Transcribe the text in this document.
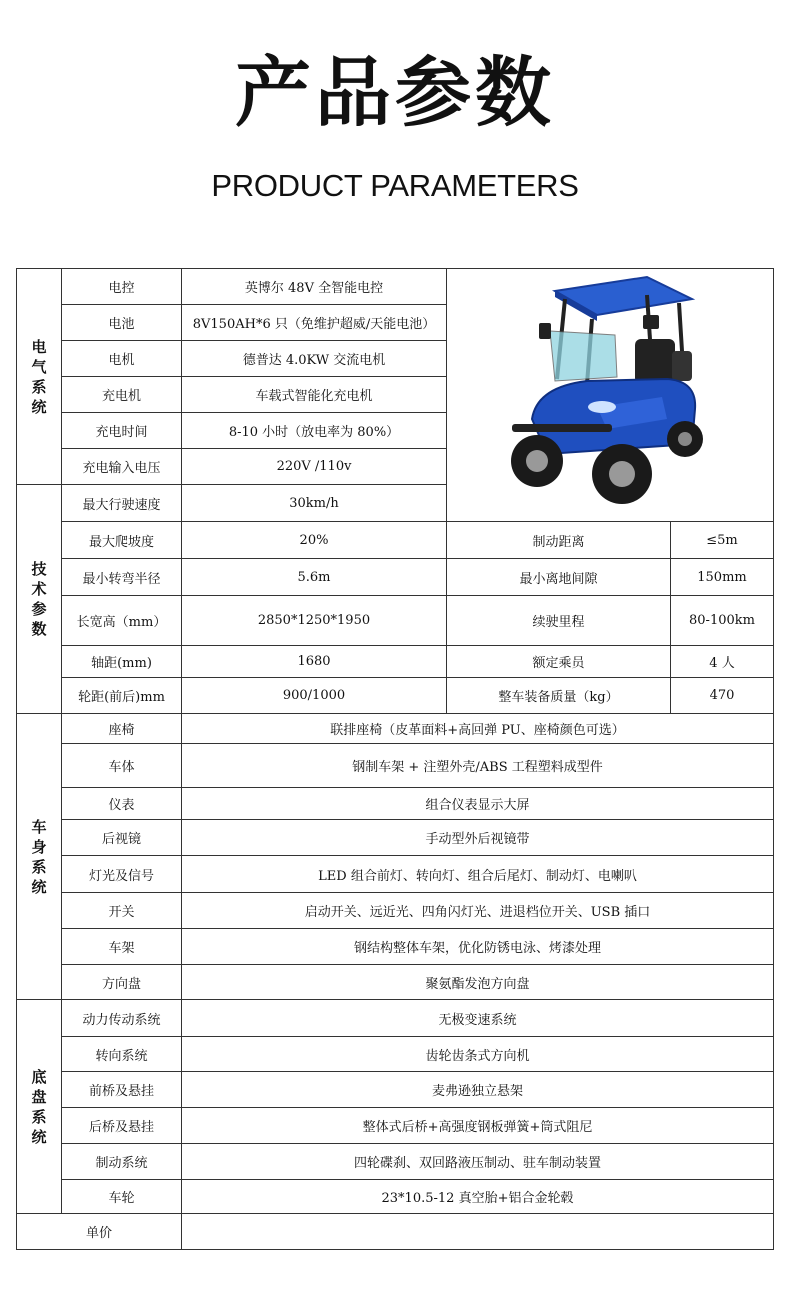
产品参数
PRODUCT PARAMETERS
电
气
系
统	电控	英博尔 48V 全智能电控	

	电池	8V150AH*6 只（免维护超威/天能电池）		
	电机	德普达 4.0KW 交流电机		
	充电机	车载式智能化充电机		
	充电时间	8-10 小时（放电率为 80%）		
	充电输入电压	220V /110v		

技
术
参
数	最大行驶速度	30km/h		
	最大爬坡度	20%	制动距离	≤5m
	最小转弯半径	5.6m	最小离地间隙	150mm
	长宽高（mm）	2850*1250*1950	续驶里程	80-100km
	轴距(mm)	1680	额定乘员	4 人
	轮距(前后)mm	900/1000	整车装备质量（kg）	470

车
身
系
统	座椅	联排座椅（皮革面料+高回弹 PU、座椅颜色可选）		
	车体	钢制车架 + 注塑外壳/ABS 工程塑料成型件		
	仪表	组合仪表显示大屏		
	后视镜	手动型外后视镜带		
	灯光及信号	LED 组合前灯、转向灯、组合后尾灯、制动灯、电喇叭		
	开关	启动开关、远近光、四角闪灯光、进退档位开关、USB 插口		
	车架	钢结构整体车架，优化防锈电泳、烤漆处理		
	方向盘	聚氨酯发泡方向盘		

底
盘
系
统	动力传动系统	无极变速系统		
	转向系统	齿轮齿条式方向机		
	前桥及悬挂	麦弗逊独立悬架		
	后桥及悬挂	整体式后桥+高强度钢板弹簧+筒式阻尼		
	制动系统	四轮碟刹、双回路液压制动、驻车制动装置		
	车轮	23*10.5-12 真空胎+铝合金轮毂		
单价				
